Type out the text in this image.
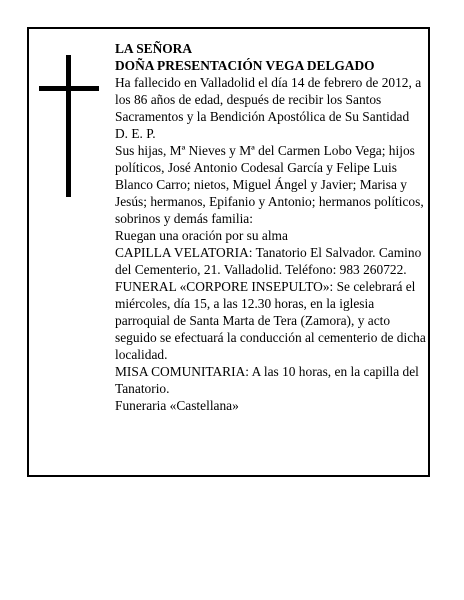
LA SEÑORA

DOÑA PRESENTACIÓN VEGA DELGADO

Ha fallecido en Valladolid el día 14 de febrero de 2012, a los 86 años de edad, después de recibir los Santos Sacramentos y la Bendición Apostólica de Su Santidad

D. E. P.

Sus hijas, Mª Nieves y Mª del Carmen Lobo Vega; hijos políticos, José Antonio Codesal García y Felipe Luis Blanco Carro; nietos, Miguel Ángel y Javier; Marisa y Jesús; hermanos, Epifanio y Antonio; hermanos políticos, sobrinos y demás familia:

Ruegan una oración por su alma

CAPILLA VELATORIA: Tanatorio El Salvador. Camino del Cementerio, 21. Valladolid. Teléfono: 983 260722.

FUNERAL «CORPORE INSEPULTO»: Se celebrará el miércoles, día 15, a las 12.30 horas, en la iglesia parroquial de Santa Marta de Tera (Zamora), y acto seguido se efectuará la conducción al cementerio de dicha localidad.

MISA COMUNITARIA: A las 10 horas, en la capilla del Tanatorio.

Funeraria «Castellana»
